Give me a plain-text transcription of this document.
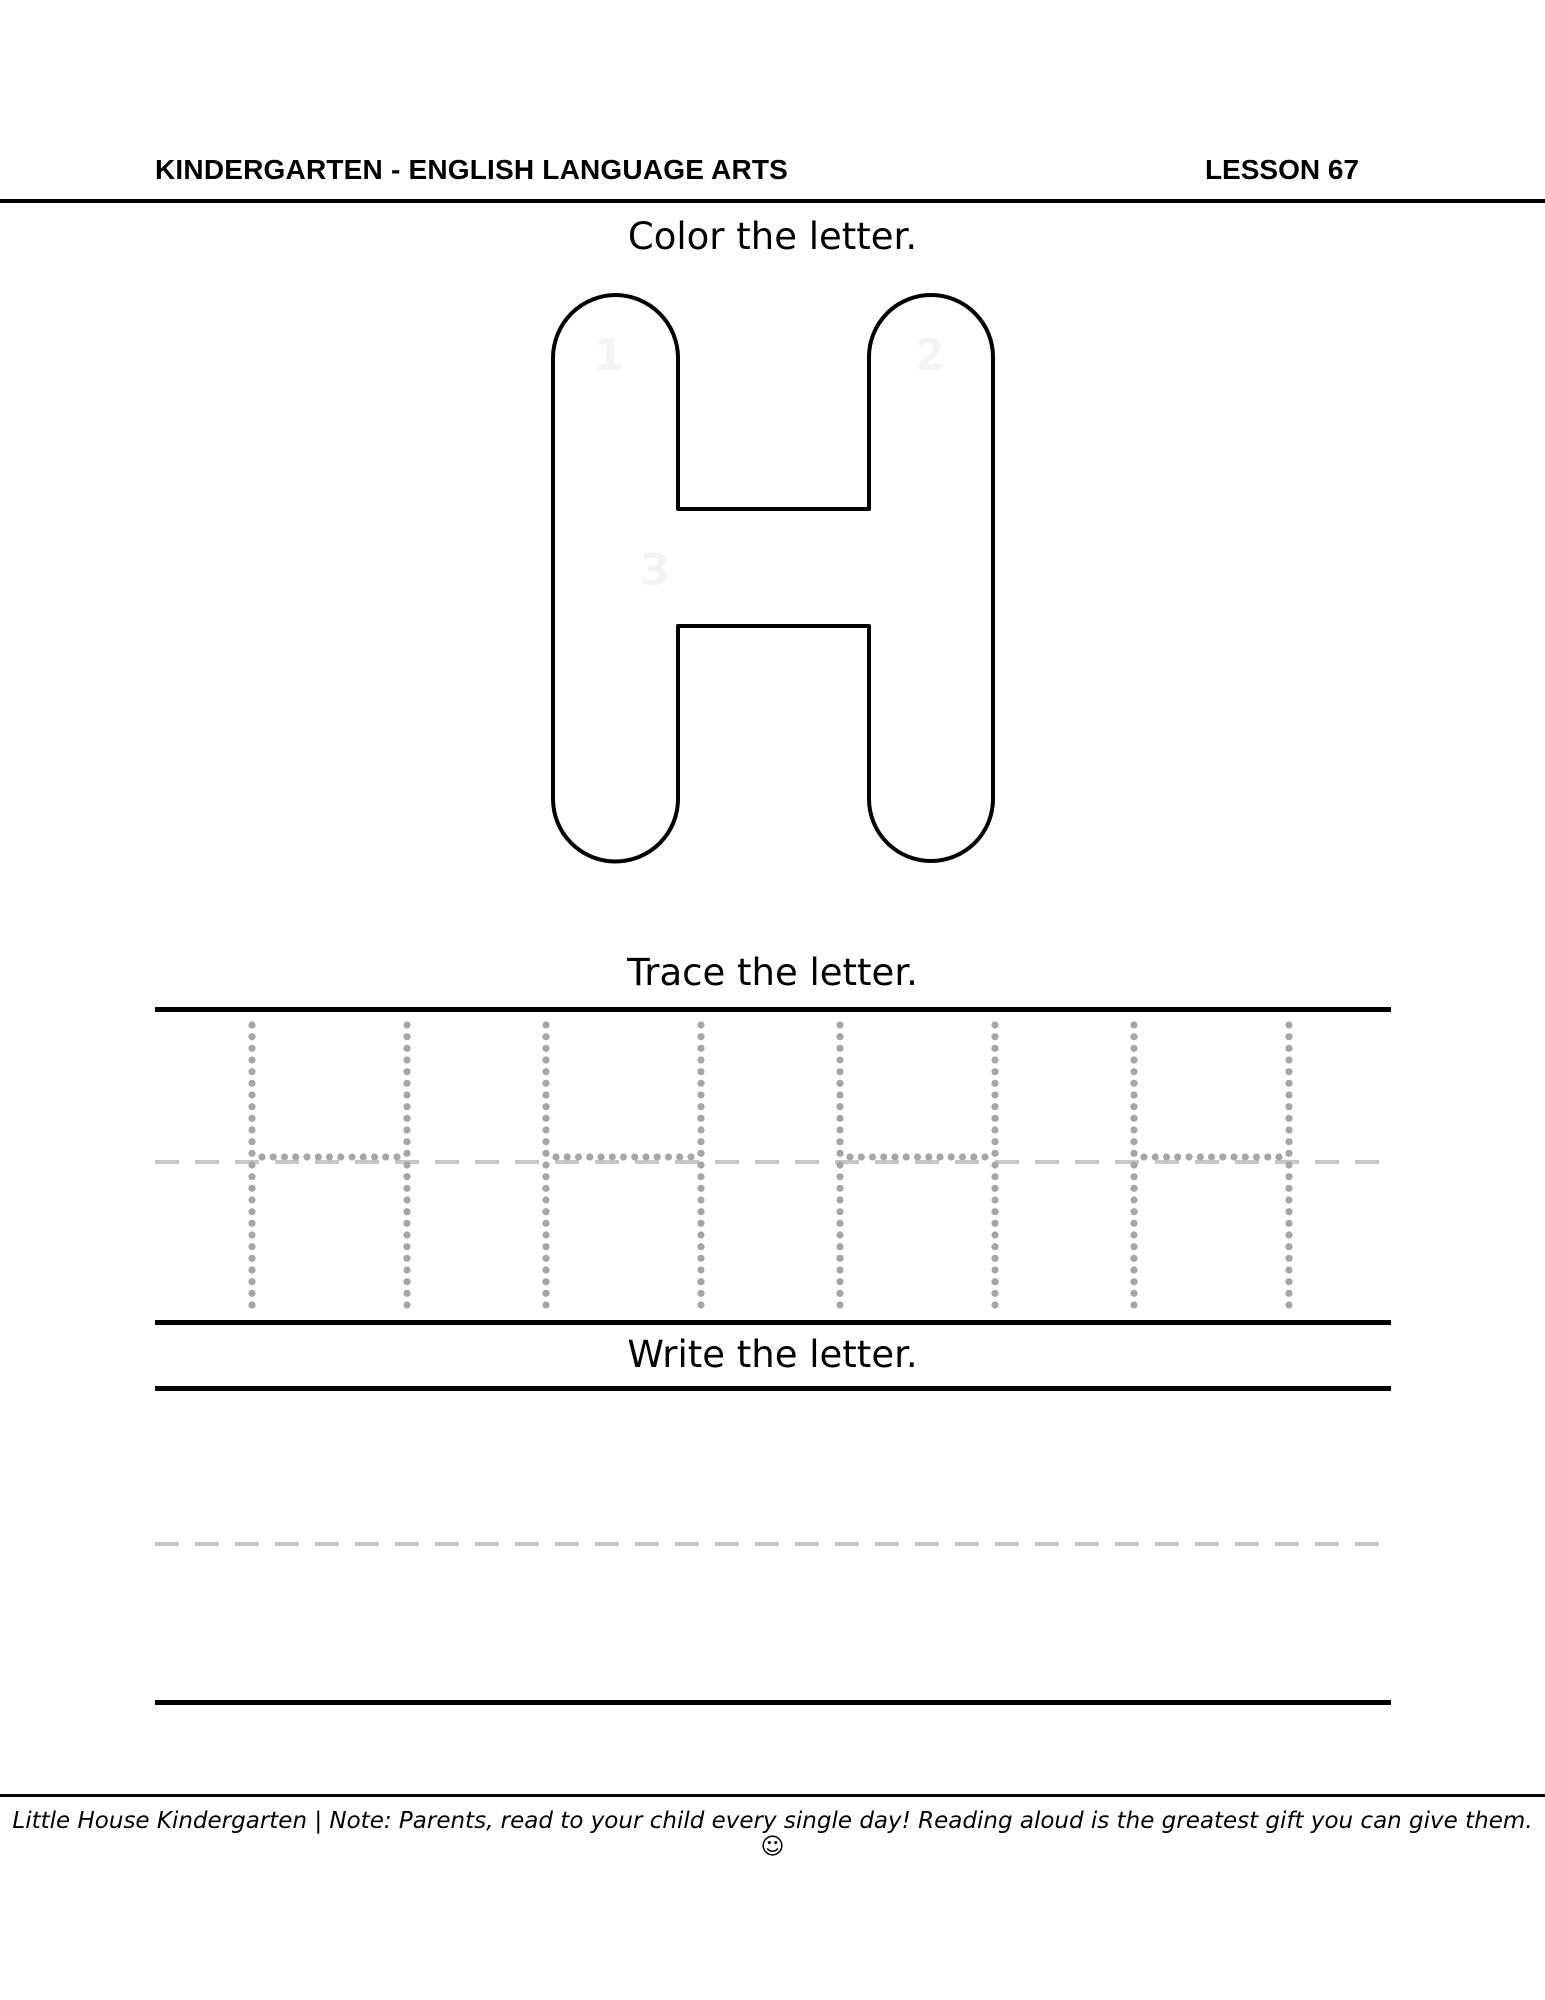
KINDERGARTEN - ENGLISH LANGUAGE ARTS	LESSON 67
Color the letter.
1	2
3
Trace the letter.
Write the letter.
Little House Kindergarten | Note: Parents, read to your child every single day! Reading aloud is the greatest gift you can give them. ☺
